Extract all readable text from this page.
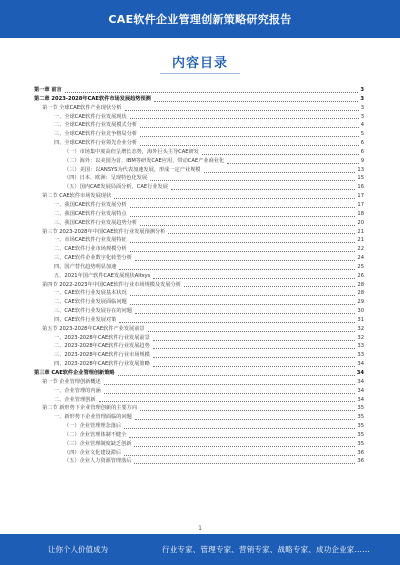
CAE软件企业管理创新策略研究报告
内容目录
第一章 前言	3
第二章 2023-2028年CAE软件市场发展趋势预测	3
第一节 全球CAE软件产业现状分析	3
一、全球CAE软件行业发展现状	3
二、全球CAE软件行业发展模式分析	4
三、全球CAE软件行业竞争格局分析	5
四、全球CAE软件行业领先企业分析	6
（一）市场集中度高但呈增长态势，海外巨头主导CAE研发	6
（二）海外：以美国为首，IBM等研发CAE应用，带动CAE产业商业化	9
（三）美国：以ANSYS为代表加速发展，形成一定产业规模	13
（四）日本、欧洲：呈现特色化发展	15
（五）国内CAE发展局面分析，CAE行业发展	16
第二节 CAE软件市场发展现状	17
一、我国CAE软件行业发展分析	17
二、我国CAE软件行业发展特点	18
三、我国CAE软件行业发展趋势分析	20
第三节 2023-2028年中国CAE软件行业发展预测分析	21
一、市场CAE软件行业发展特征	21
二、CAE软件行业市场规模分析	22
三、CAE软件企业数字化转型分析	24
四、国产替代趋势明显加速	25
五、2021年国产软件CAE发展现状Altsys	26
第四节 2022-2023年中国CAE软件行业市场规模及发展分析	28
一、CAE软件行业发展基本状况	28
二、CAE软件行业发展面临问题	29
三、CAE软件行业发展存在的问题	30
四、CAE软件行业发展对策	31
第五节 2023-2028年CAE软件产业发展前景	32
一、2023-2028年CAE软件行业发展前景	32
二、2023-2028年CAE软件行业发展趋势	33
三、2023-2028年CAE软件行业市场规模	33
四、2023-2028年CAE软件行业发展策略	34
第三章 CAE软件企业管理创新策略	34
第一节 企业管理创新概述	34
一、企业管理的内涵	34
二、企业管理创新	34
第二节 新形势下企业管理创新的主要方向	35
一、新形势下企业管理面临的问题	35
（一）企业管理理念落后	35
（二）企业管理体制不健全	35
（三）企业管理制度缺乏创新	35
（四）企业文化建设滞后	36
（五）企业人力资源管理落后	36
1
让你个人价值成为	行业专家、管理专家、营销专家、战略专家、成功企业家……
